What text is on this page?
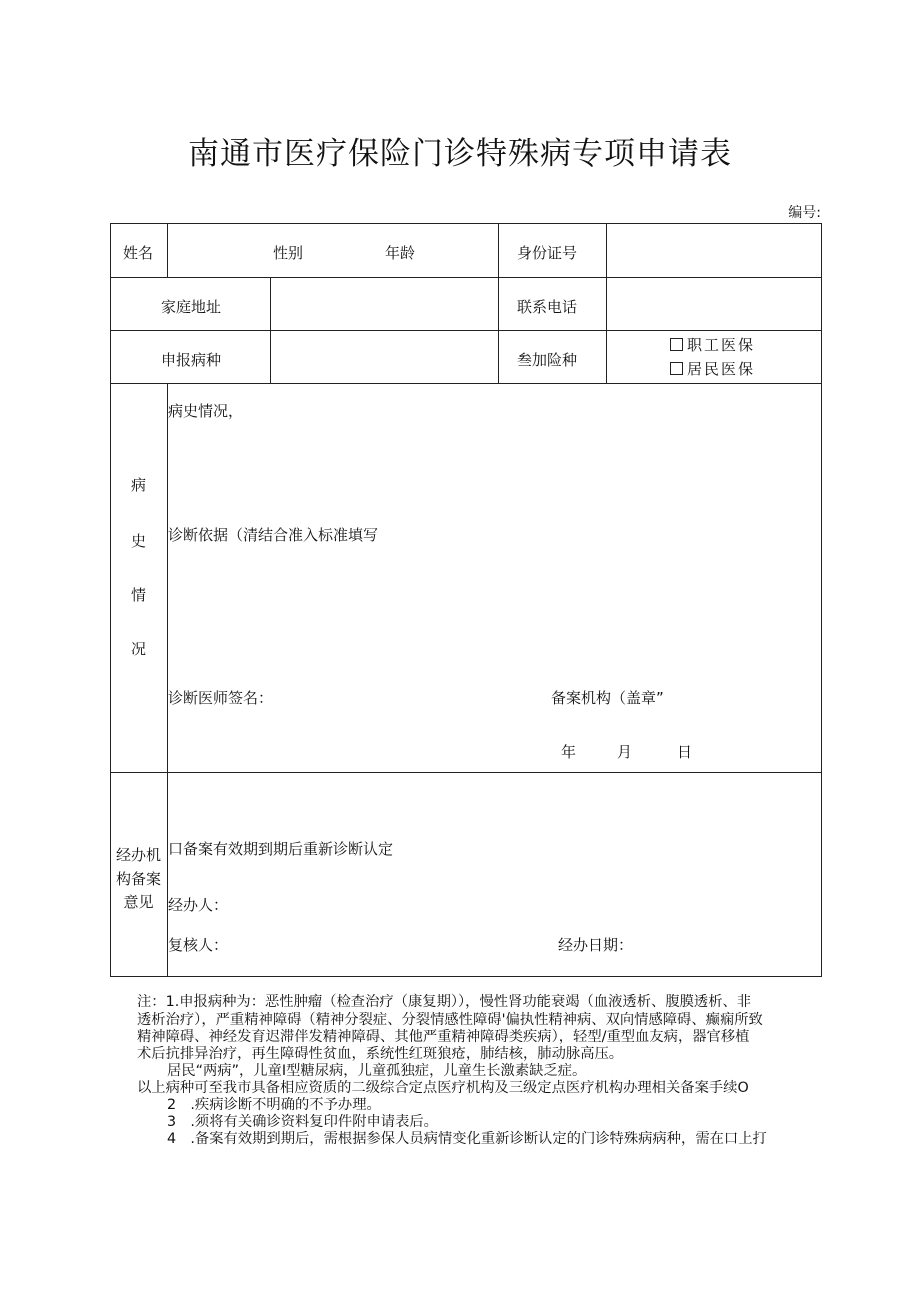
南通市医疗保险门诊特殊病专项申请表
编号:
姓名	性别	年龄	身份证号
家庭地址	联系电话
申报病种	叁加险种
职工医保
居民医保
病
史
情
况
病史情况，
诊断依据（清结合准入标准填写
诊断医师签名：	备案机构（盖章”
年	月	日
经办机
构备案
意见
口备案有效期到期后重新诊断认定
经办人：
复核人：	经办日期：
注：1.申报病种为：恶性肿瘤（检查治疗（康复期）），慢性肾功能衰竭（血液透析、腹膜透析、非
透析治疗），严重精神障碍（精神分裂症、分裂情感性障碍'偏执性精神病、双向情感障碍、癫痫所致
精神障碍、神经发育迟滞伴发精神障碍、其他严重精神障碍类疾病），轻型/重型血友病，器官移植
术后抗排异治疗，再生障碍性贫血，系统性红斑狼疮，肺结核，肺动脉高压。
居民“两病”，儿童I型糖尿病，儿童孤独症，儿童生长激素缺乏症。
以上病种可至我市具备相应资质的二级综合定点医疗机构及三级定点医疗机构办理相关备案手续O
2　.疾病诊断不明确的不予办理。
3　.须将有关确诊资料复印件附申请表后。
4　.备案有效期到期后，需根据参保人员病情变化重新诊断认定的门诊特殊病病种，需在口上打
